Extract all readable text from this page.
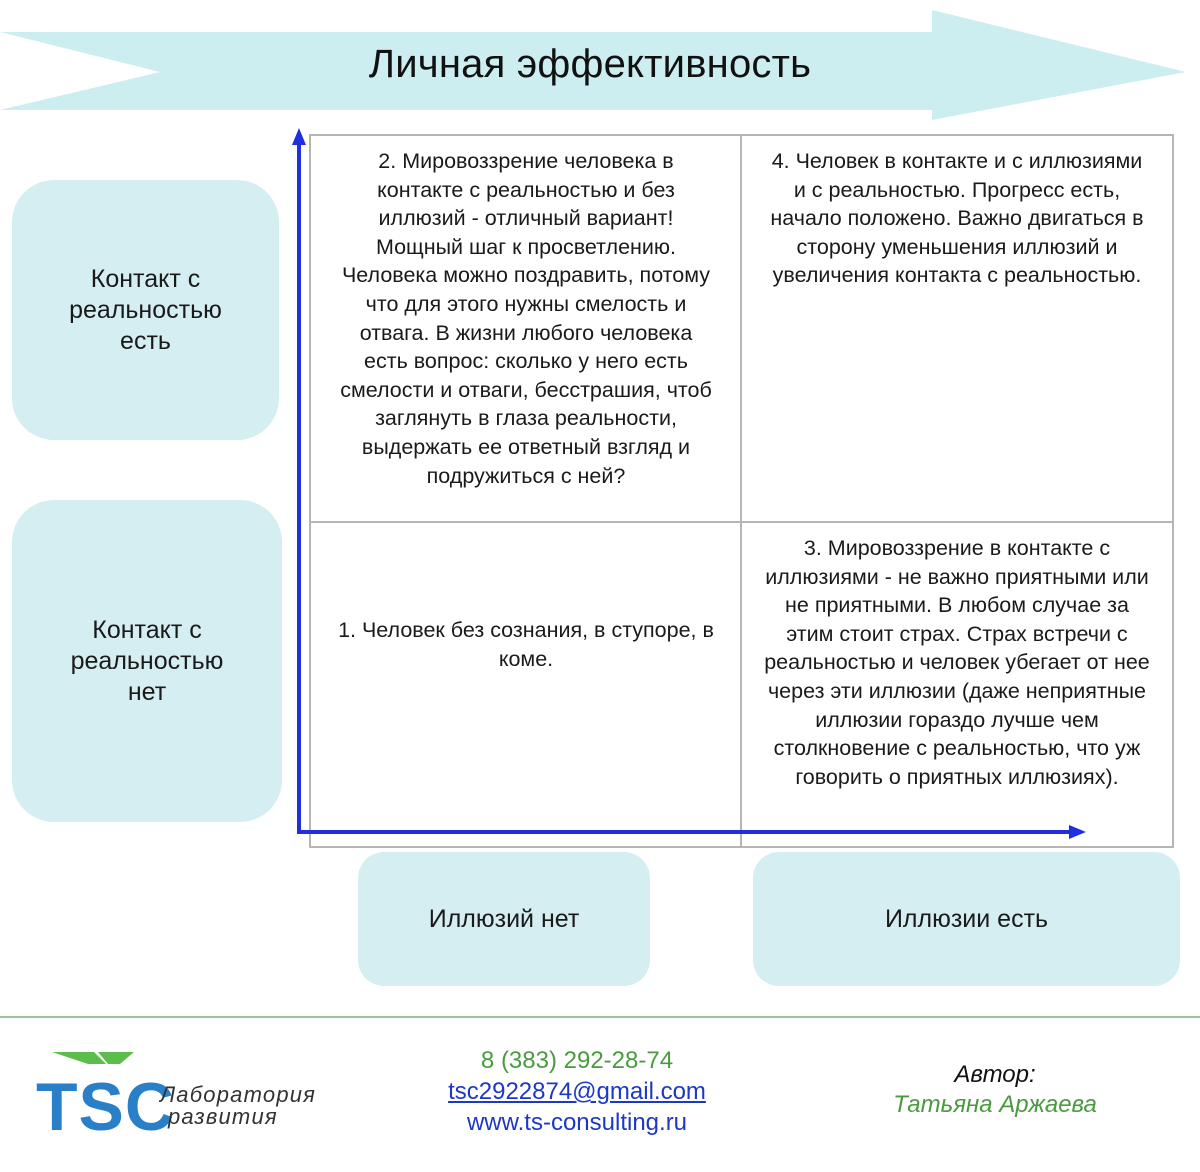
Личная эффективность
Контакт с
реальностью
есть
Контакт с
реальностью
нет
2. Мировоззрение человека в контакте с реальностью и без иллюзий - отличный вариант! Мощный шаг к просветлению. Человека можно поздравить, потому что для этого нужны смелость и отвага. В жизни любого человека есть вопрос: сколько у него есть смелости и отваги, бесстрашия, чтоб заглянуть в глаза реальности, выдержать ее ответный взгляд и подружиться с ней?
4. Человек в контакте и с иллюзиями и с реальностью. Прогресс есть, начало положено. Важно двигаться в сторону уменьшения иллюзий и увеличения контакта с реальностью.
1. Человек без сознания, в ступоре, в коме.
3. Мировоззрение в контакте с иллюзиями - не важно приятными или не приятными. В любом случае за этим стоит страх. Страх встречи с реальностью и человек убегает от нее через эти иллюзии (даже неприятные иллюзии гораздо лучше чем столкновение с реальностью, что уж говорить о приятных иллюзиях).
Иллюзий нет	Иллюзии есть
TSC
Лаборатория
развития
8 (383) 292-28-74
tsc2922874@gmail.com
www.ts-consulting.ru
Автор:
Татьяна Аржаева
